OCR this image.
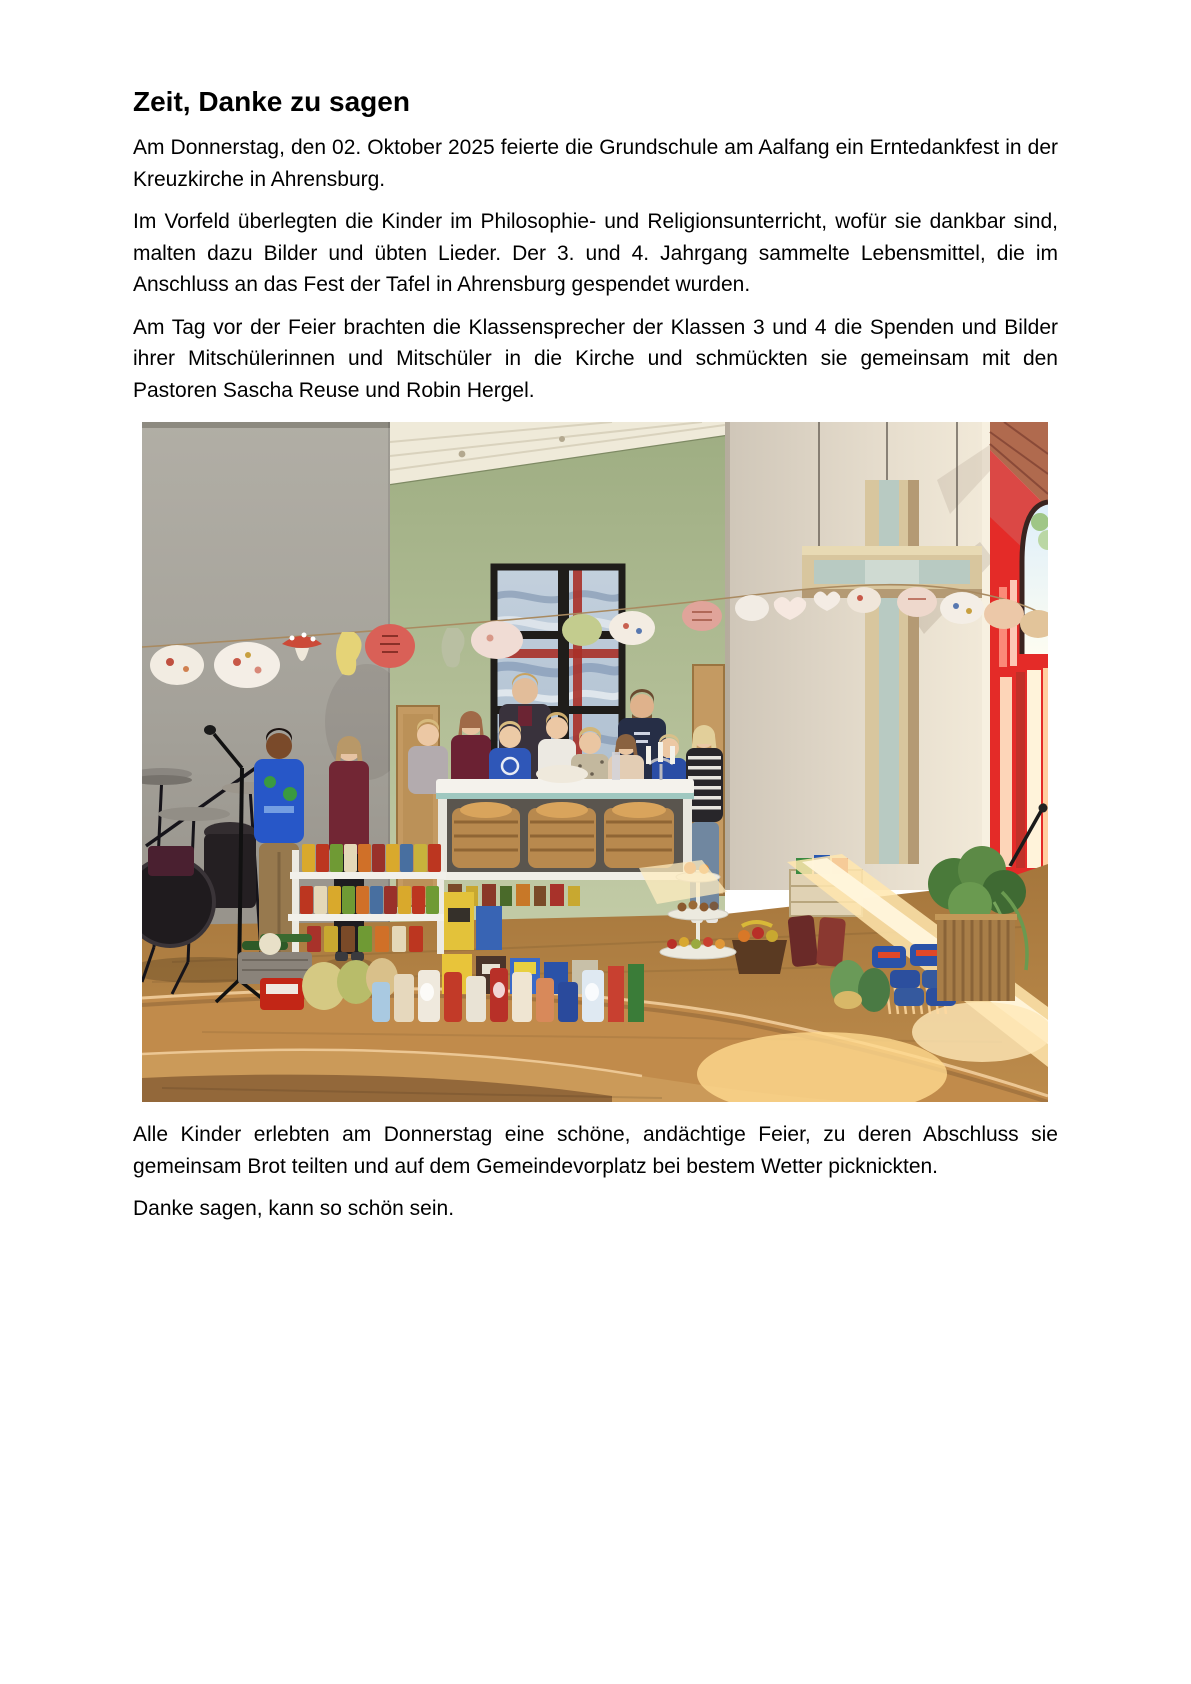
Zeit, Danke zu sagen

Am Donnerstag, den 02. Oktober 2025 feierte die Grundschule am Aalfang ein Erntedankfest in der Kreuzkirche in Ahrensburg.

Im Vorfeld überlegten die Kinder im Philosophie- und Religionsunterricht, wofür sie dankbar sind, malten dazu Bilder und übten Lieder. Der 3. und 4. Jahrgang sammelte Lebensmittel, die im Anschluss an das Fest der Tafel in Ahrensburg gespendet wurden.

Am Tag vor der Feier brachten die Klassensprecher der Klassen 3 und 4 die Spenden und Bilder ihrer Mitschülerinnen und Mitschüler in die Kirche und schmückten sie gemeinsam mit den Pastoren Sascha Reuse und Robin Hergel.

Alle Kinder erlebten am Donnerstag eine schöne, andächtige Feier, zu deren Abschluss sie gemeinsam Brot teilten und auf dem Gemeindevorplatz bei bestem Wetter picknickten.

Danke sagen, kann so schön sein.
